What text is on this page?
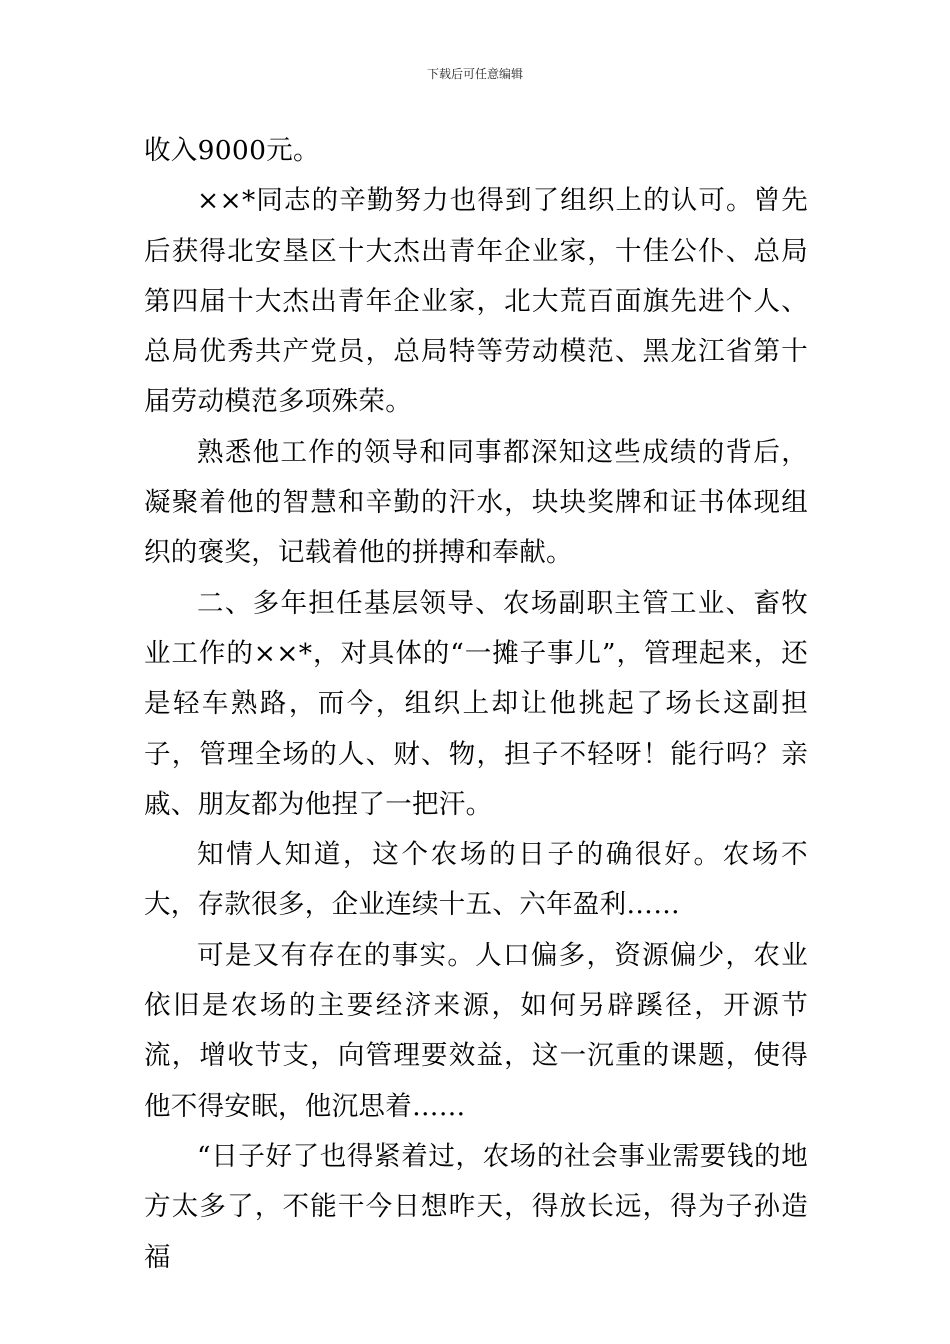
下载后可任意编辑

收入9000元。

××*同志的辛勤努力也得到了组织上的认可。曾先后获得北安垦区十大杰出青年企业家，十佳公仆、总局第四届十大杰出青年企业家，北大荒百面旗先进个人、总局优秀共产党员，总局特等劳动模范、黑龙江省第十届劳动模范多项殊荣。

熟悉他工作的领导和同事都深知这些成绩的背后，凝聚着他的智慧和辛勤的汗水，块块奖牌和证书体现组织的褒奖，记载着他的拼搏和奉献。

二、多年担任基层领导、农场副职主管工业、畜牧业工作的××*，对具体的“一摊子事儿”，管理起来，还是轻车熟路，而今，组织上却让他挑起了场长这副担子，管理全场的人、财、物，担子不轻呀！能行吗？亲戚、朋友都为他捏了一把汗。

知情人知道，这个农场的日子的确很好。农场不大，存款很多，企业连续十五、六年盈利……

可是又有存在的事实。人口偏多，资源偏少，农业依旧是农场的主要经济来源，如何另辟蹊径，开源节流，增收节支，向管理要效益，这一沉重的课题，使得他不得安眠，他沉思着……

“日子好了也得紧着过，农场的社会事业需要钱的地方太多了，不能干今日想昨天，得放长远，得为子孙造福
